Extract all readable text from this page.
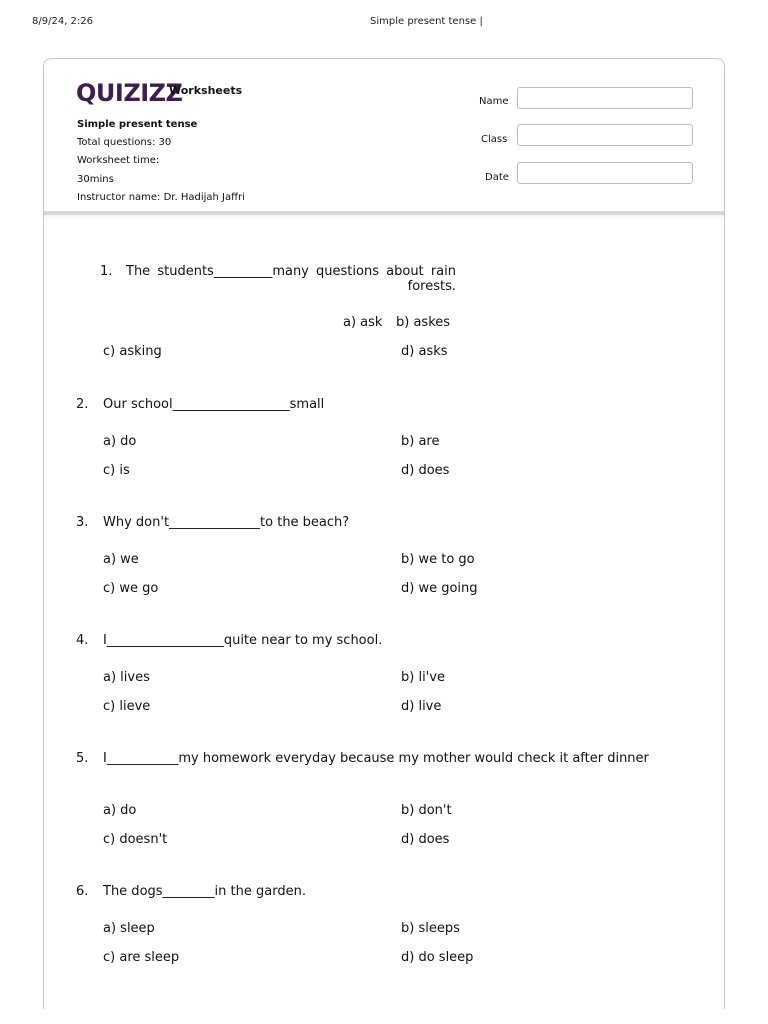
8/9/24, 2:26	Simple present tense |
QUIZIZZ
Worksheets
Simple present tense
Total questions: 30
Worksheet time:
30mins
Instructor name: Dr. Hadijah Jaffri
Name
Class
Date
1. The students_________many questions about rain forests.
a) ask b) askes
c) asking	d) asks
2. Our school__________________small
a) do	b) are
c) is	d) does
3. Why don't______________to the beach?
a) we	b) we to go
c) we go	d) we going
4. I__________________quite near to my school.
a) lives	b) li've
c) lieve	d) live
5. I___________my homework everyday because my mother would check it after dinner
a) do	b) don't
c) doesn't	d) does
6. The dogs________in the garden.
a) sleep	b) sleeps
c) are sleep	d) do sleep
